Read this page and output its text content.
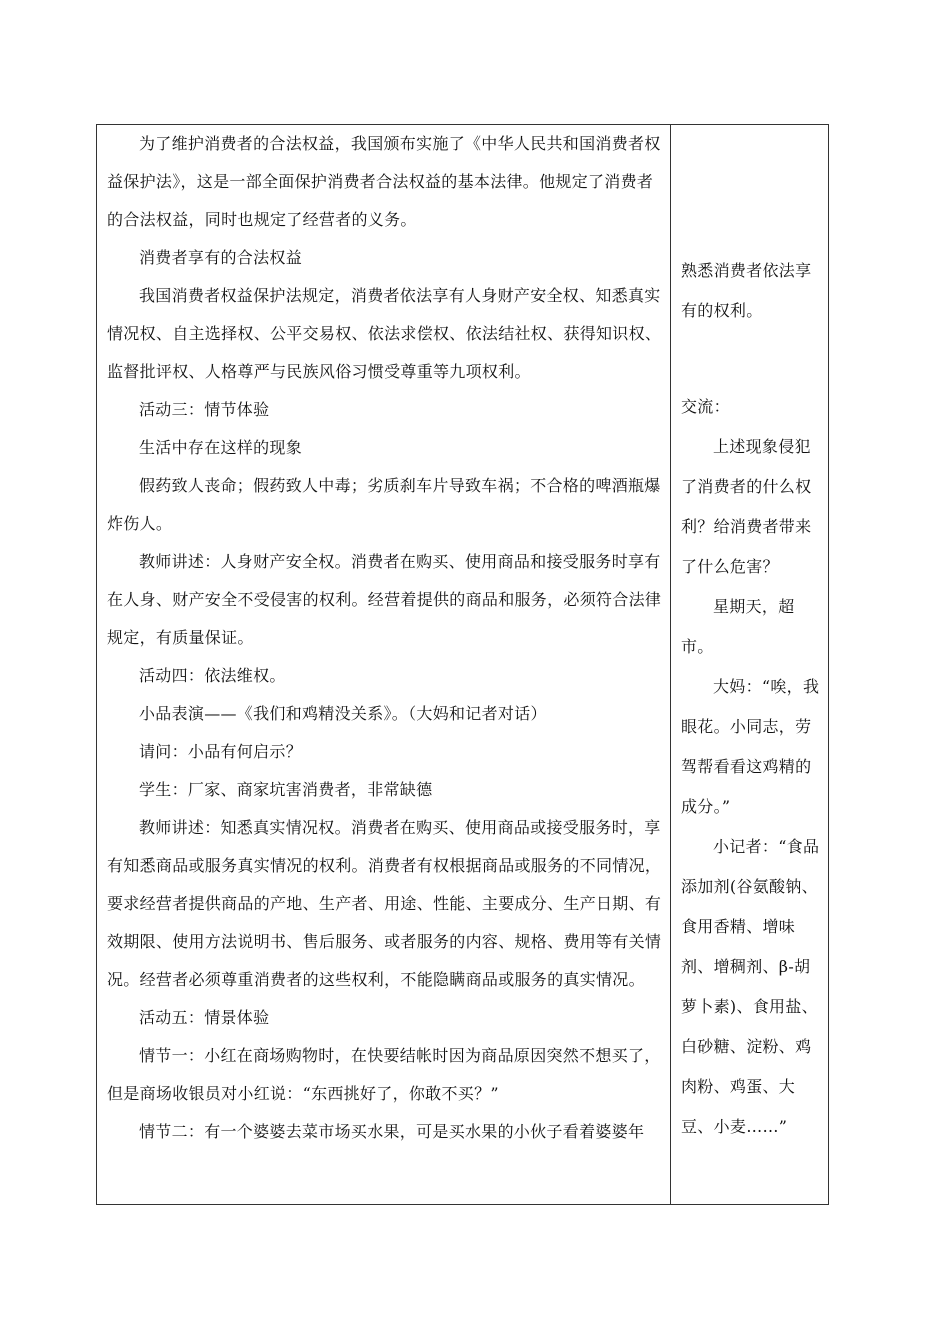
为了维护消费者的合法权益，我国颁布实施了《中华人民共和国消费者权益保护法》，这是一部全面保护消费者合法权益的基本法律。他规定了消费者的合法权益，同时也规定了经营者的义务。

消费者享有的合法权益

我国消费者权益保护法规定，消费者依法享有人身财产安全权、知悉真实情况权、自主选择权、公平交易权、依法求偿权、依法结社权、获得知识权、监督批评权、人格尊严与民族风俗习惯受尊重等九项权利。

活动三：情节体验

生活中存在这样的现象

假药致人丧命；假药致人中毒；劣质刹车片导致车祸；不合格的啤酒瓶爆炸伤人。

教师讲述：人身财产安全权。消费者在购买、使用商品和接受服务时享有在人身、财产安全不受侵害的权利。经营着提供的商品和服务，必须符合法律规定，有质量保证。

活动四：依法维权。

小品表演——《我们和鸡精没关系》。（大妈和记者对话）

请问：小品有何启示？

学生：厂家、商家坑害消费者，非常缺德

教师讲述：知悉真实情况权。消费者在购买、使用商品或接受服务时，享有知悉商品或服务真实情况的权利。消费者有权根据商品或服务的不同情况，要求经营者提供商品的产地、生产者、用途、性能、主要成分、生产日期、有效期限、使用方法说明书、售后服务、或者服务的内容、规格、费用等有关情况。经营者必须尊重消费者的这些权利，不能隐瞒商品或服务的真实情况。

活动五：情景体验

情节一：小红在商场购物时，在快要结帐时因为商品原因突然不想买了，但是商场收银员对小红说：“东西挑好了，你敢不买？”

情节二：有一个婆婆去菜市场买水果，可是买水果的小伙子看着婆婆年

熟悉消费者依法享有的权利。

交流：

上述现象侵犯了消费者的什么权利？给消费者带来了什么危害？

星期天，超市。

大妈：“唉，我眼花。小同志，劳驾帮看看这鸡精的成分。”

小记者：“食品添加剂(谷氨酸钠、食用香精、增味剂、增稠剂、β-胡萝卜素)、食用盐、白砂糖、淀粉、鸡肉粉、鸡蛋、大豆、小麦……”
